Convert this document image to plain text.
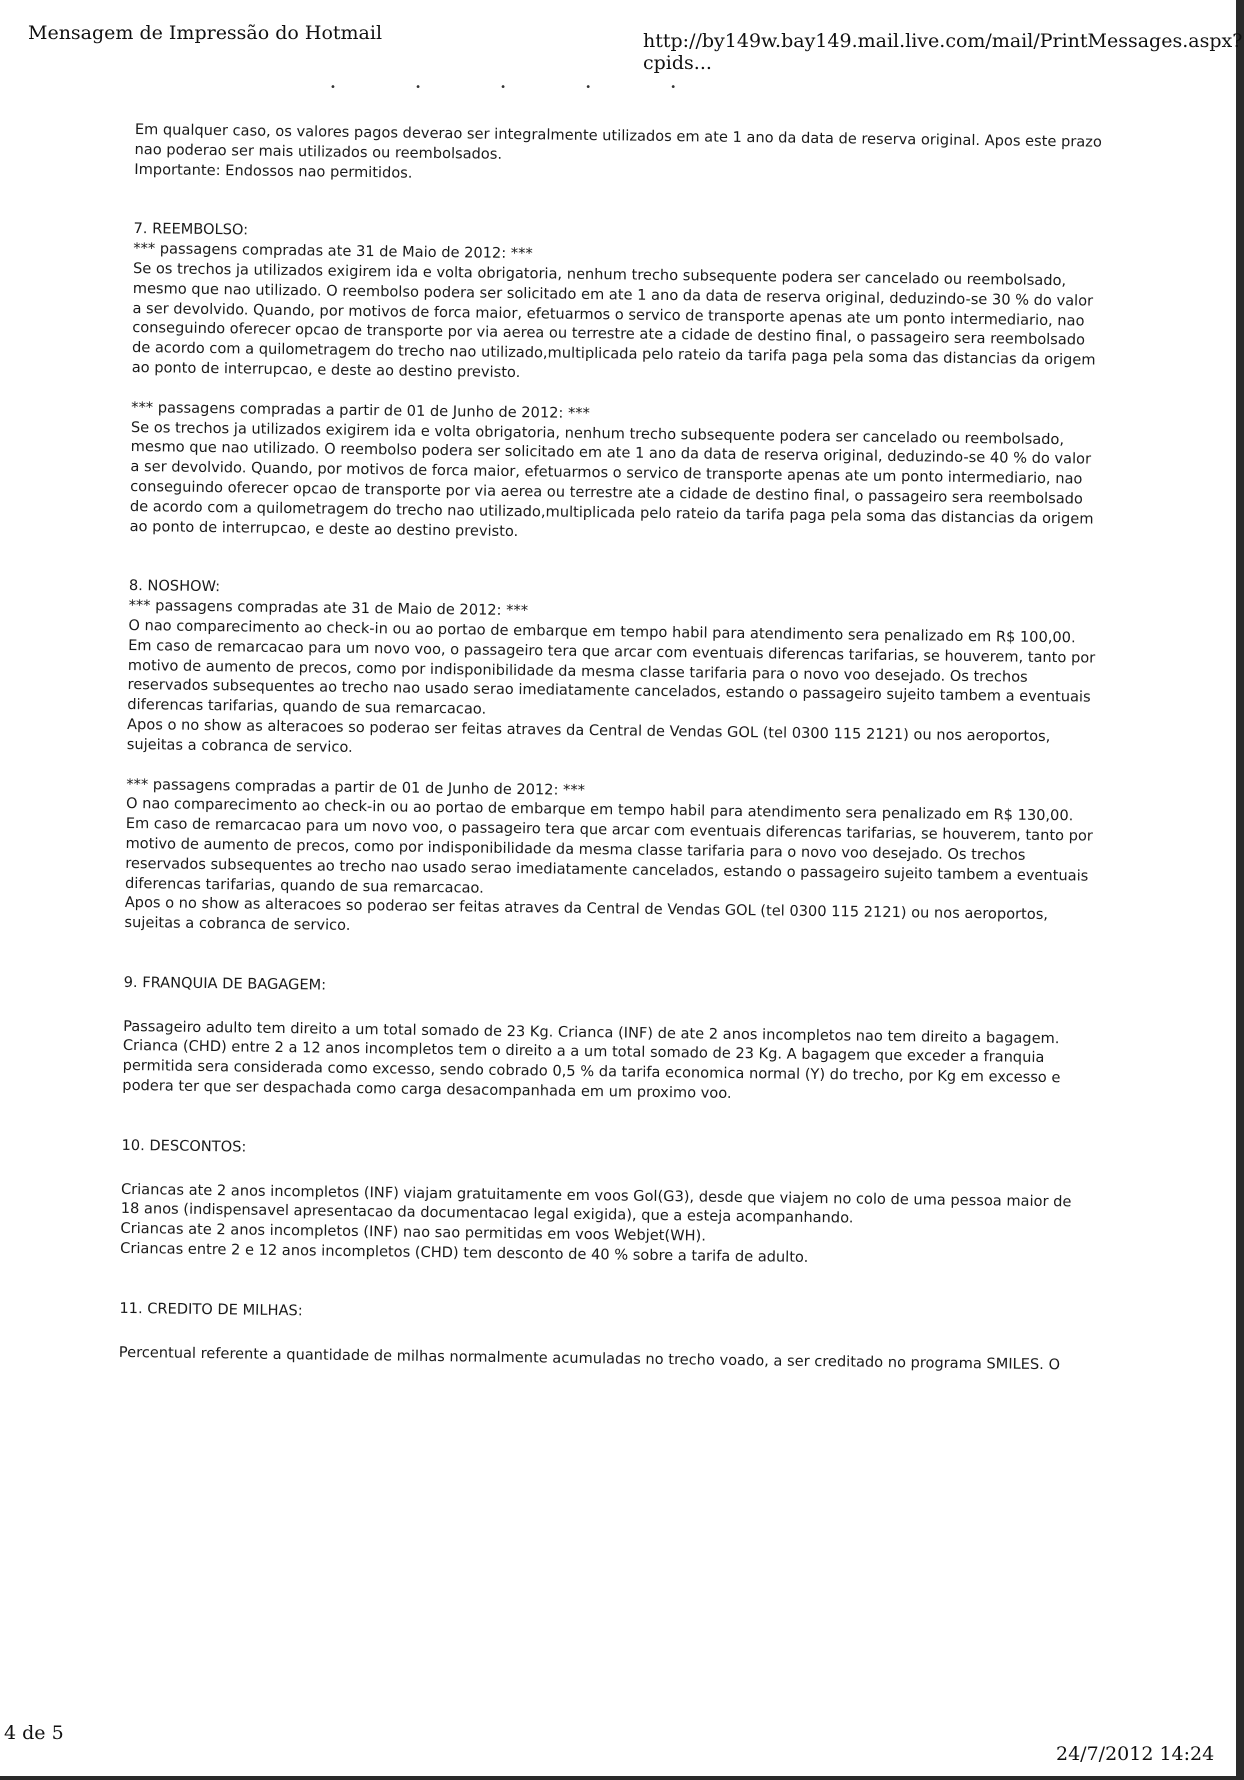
Mensagem de Impressão do Hotmail	http://by149w.bay149.mail.live.com/mail/PrintMessages.aspx?cpids...
• • • • •

Em qualquer caso, os valores pagos deverao ser integralmente utilizados em ate 1 ano da data de reserva original. Apos este prazo nao poderao ser mais utilizados ou reembolsados.
Importante: Endossos nao permitidos.

7. REEMBOLSO:

*** passagens compradas ate 31 de Maio de 2012: ***

Se os trechos ja utilizados exigirem ida e volta obrigatoria, nenhum trecho subsequente podera ser cancelado ou reembolsado, mesmo que nao utilizado. O reembolso podera ser solicitado em ate 1 ano da data de reserva original, deduzindo-se 30 % do valor a ser devolvido. Quando, por motivos de forca maior, efetuarmos o servico de transporte apenas ate um ponto intermediario, nao conseguindo oferecer opcao de transporte por via aerea ou terrestre ate a cidade de destino final, o passageiro sera reembolsado de acordo com a quilometragem do trecho nao utilizado,multiplicada pelo rateio da tarifa paga pela soma das distancias da origem ao ponto de interrupcao, e deste ao destino previsto.

*** passagens compradas a partir de 01 de Junho de 2012: ***

Se os trechos ja utilizados exigirem ida e volta obrigatoria, nenhum trecho subsequente podera ser cancelado ou reembolsado, mesmo que nao utilizado. O reembolso podera ser solicitado em ate 1 ano da data de reserva original, deduzindo-se 40 % do valor a ser devolvido. Quando, por motivos de forca maior, efetuarmos o servico de transporte apenas ate um ponto intermediario, nao conseguindo oferecer opcao de transporte por via aerea ou terrestre ate a cidade de destino final, o passageiro sera reembolsado de acordo com a quilometragem do trecho nao utilizado,multiplicada pelo rateio da tarifa paga pela soma das distancias da origem ao ponto de interrupcao, e deste ao destino previsto.

8. NOSHOW:

*** passagens compradas ate 31 de Maio de 2012: ***

O nao comparecimento ao check-in ou ao portao de embarque em tempo habil para atendimento sera penalizado em R$ 100,00. Em caso de remarcacao para um novo voo, o passageiro tera que arcar com eventuais diferencas tarifarias, se houverem, tanto por motivo de aumento de precos, como por indisponibilidade da mesma classe tarifaria para o novo voo desejado. Os trechos reservados subsequentes ao trecho nao usado serao imediatamente cancelados, estando o passageiro sujeito tambem a eventuais diferencas tarifarias, quando de sua remarcacao.
Apos o no show as alteracoes so poderao ser feitas atraves da Central de Vendas GOL (tel 0300 115 2121) ou nos aeroportos, sujeitas a cobranca de servico.

*** passagens compradas a partir de 01 de Junho de 2012: ***

O nao comparecimento ao check-in ou ao portao de embarque em tempo habil para atendimento sera penalizado em R$ 130,00. Em caso de remarcacao para um novo voo, o passageiro tera que arcar com eventuais diferencas tarifarias, se houverem, tanto por motivo de aumento de precos, como por indisponibilidade da mesma classe tarifaria para o novo voo desejado. Os trechos reservados subsequentes ao trecho nao usado serao imediatamente cancelados, estando o passageiro sujeito tambem a eventuais diferencas tarifarias, quando de sua remarcacao.
Apos o no show as alteracoes so poderao ser feitas atraves da Central de Vendas GOL (tel 0300 115 2121) ou nos aeroportos, sujeitas a cobranca de servico.

9. FRANQUIA DE BAGAGEM:

Passageiro adulto tem direito a um total somado de 23 Kg. Crianca (INF) de ate 2 anos incompletos nao tem direito a bagagem. Crianca (CHD) entre 2 a 12 anos incompletos tem o direito a a um total somado de 23 Kg. A bagagem que exceder a franquia permitida sera considerada como excesso, sendo cobrado 0,5 % da tarifa economica normal (Y) do trecho, por Kg em excesso e podera ter que ser despachada como carga desacompanhada em um proximo voo.

10. DESCONTOS:

Criancas ate 2 anos incompletos (INF) viajam gratuitamente em voos Gol(G3), desde que viajem no colo de uma pessoa maior de 18 anos (indispensavel apresentacao da documentacao legal exigida), que a esteja acompanhando.
Criancas ate 2 anos incompletos (INF) nao sao permitidas em voos Webjet(WH).
Criancas entre 2 e 12 anos incompletos (CHD) tem desconto de 40 % sobre a tarifa de adulto.

11. CREDITO DE MILHAS:

Percentual referente a quantidade de milhas normalmente acumuladas no trecho voado, a ser creditado no programa SMILES. O

4 de 5
24/7/2012 14:24
